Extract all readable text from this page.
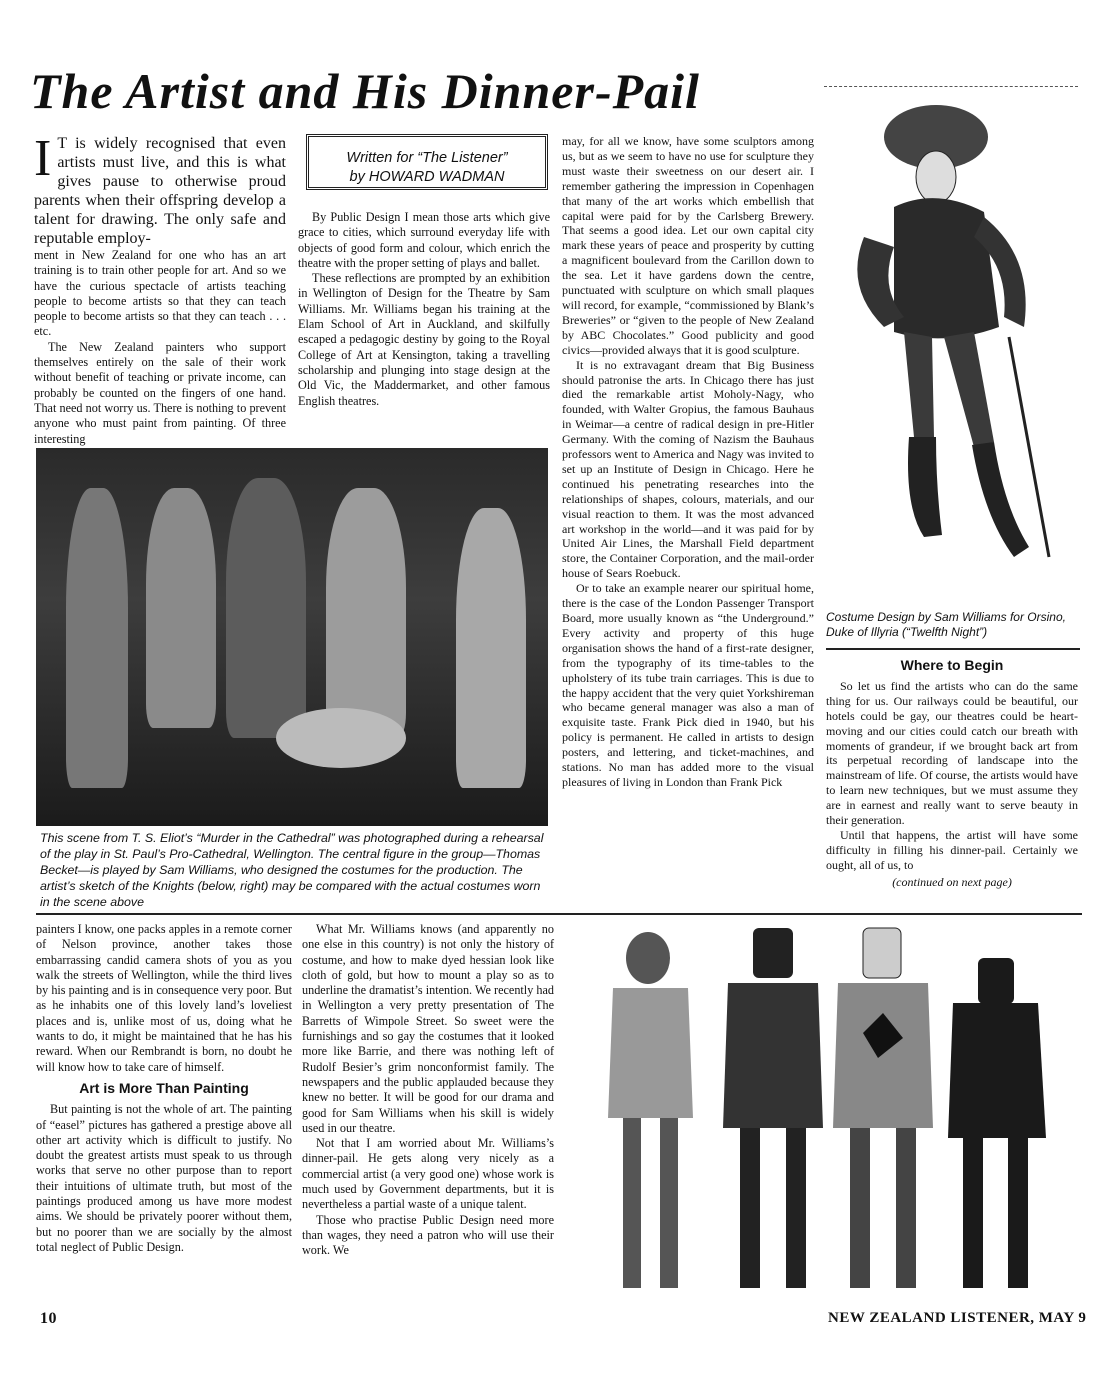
The Artist and His Dinner-Pail

I T is widely recognised that even artists must live, and this is what gives pause to otherwise proud parents when their offspring develop a talent for drawing. The only safe and reputable employ-

ment in New Zealand for one who has an art training is to train other people for art. And so we have the curious spectacle of artists teaching people to become artists so that they can teach people to become artists so that they can teach . . . etc.

The New Zealand painters who support themselves entirely on the sale of their work without benefit of teaching or private income, can probably be counted on the fingers of one hand. That need not worry us. There is nothing to prevent anyone who must paint from painting. Of three interesting

Written for “The Listener”
by HOWARD WADMAN

By Public Design I mean those arts which give grace to cities, which surround everyday life with objects of good form and colour, which enrich the theatre with the proper setting of plays and ballet.

These reflections are prompted by an exhibition in Wellington of Design for the Theatre by Sam Williams. Mr. Williams began his training at the Elam School of Art in Auckland, and skilfully escaped a pedagogic destiny by going to the Royal College of Art at Kensington, taking a travelling scholarship and plunging into stage design at the Old Vic, the Maddermarket, and other famous English theatres.

may, for all we know, have some sculptors among us, but as we seem to have no use for sculpture they must waste their sweetness on our desert air. I remember gathering the impression in Copenhagen that many of the art works which embellish that capital were paid for by the Carlsberg Brewery. That seems a good idea. Let our own capital city mark these years of peace and prosperity by cutting a magnificent boulevard from the Carillon down to the sea. Let it have gardens down the centre, punctuated with sculpture on which small plaques will record, for example, “commissioned by Blank’s Breweries” or “given to the people of New Zealand by ABC Chocolates.” Good publicity and good civics—provided always that it is good sculpture.

It is no extravagant dream that Big Business should patronise the arts. In Chicago there has just died the remarkable artist Moholy-Nagy, who founded, with Walter Gropius, the famous Bauhaus in Weimar—a centre of radical design in pre-Hitler Germany. With the coming of Nazism the Bauhaus professors went to America and Nagy was invited to set up an Institute of Design in Chicago. Here he continued his penetrating researches into the relationships of shapes, colours, materials, and our visual reaction to them. It was the most advanced art workshop in the world—and it was paid for by United Air Lines, the Marshall Field department store, the Container Corporation, and the mail-order house of Sears Roebuck.

Or to take an example nearer our spiritual home, there is the case of the London Passenger Transport Board, more usually known as “the Underground.” Every activity and property of this huge organisation shows the hand of a first-rate designer, from the typography of its time-tables to the upholstery of its tube train carriages. This is due to the happy accident that the very quiet Yorkshireman who became general manager was also a man of exquisite taste. Frank Pick died in 1940, but his policy is permanent. He called in artists to design posters, and lettering, and ticket-machines, and stations. No man has added more to the visual pleasures of living in London than Frank Pick

Costume Design by Sam Williams for Orsino, Duke of Illyria (“Twelfth Night”)

Where to Begin

So let us find the artists who can do the same thing for us. Our railways could be beautiful, our hotels could be gay, our theatres could be heart-moving and our cities could catch our breath with moments of grandeur, if we brought back art from its perpetual recording of landscape into the mainstream of life. Of course, the artists would have to learn new techniques, but we must assume they are in earnest and really want to serve beauty in their generation.

Until that happens, the artist will have some difficulty in filling his dinner-pail. Certainly we ought, all of us, to

(continued on next page)

This scene from T. S. Eliot’s “Murder in the Cathedral” was photographed during a rehearsal of the play in St. Paul’s Pro-Cathedral, Wellington. The central figure in the group—Thomas Becket—is played by Sam Williams, who designed the costumes for the production. The artist’s sketch of the Knights (below, right) may be compared with the actual costumes worn in the scene above

painters I know, one packs apples in a remote corner of Nelson province, another takes those embarrassing candid camera shots of you as you walk the streets of Wellington, while the third lives by his painting and is in consequence very poor. But as he inhabits one of this lovely land’s loveliest places and is, unlike most of us, doing what he wants to do, it might be maintained that he has his reward. When our Rembrandt is born, no doubt he will know how to take care of himself.

Art is More Than Painting

But painting is not the whole of art. The painting of “easel” pictures has gathered a prestige above all other art activity which is difficult to justify. No doubt the greatest artists must speak to us through works that serve no other purpose than to report their intuitions of ultimate truth, but most of the paintings produced among us have more modest aims. We should be privately poorer without them, but no poorer than we are socially by the almost total neglect of Public Design.

What Mr. Williams knows (and apparently no one else in this country) is not only the history of costume, and how to make dyed hessian look like cloth of gold, but how to mount a play so as to underline the dramatist’s intention. We recently had in Wellington a very pretty presentation of The Barretts of Wimpole Street. So sweet were the furnishings and so gay the costumes that it looked more like Barrie, and there was nothing left of Rudolf Besier’s grim nonconformist family. The newspapers and the public applauded because they knew no better. It will be good for our drama and good for Sam Williams when his skill is widely used in our theatre.

Not that I am worried about Mr. Williams’s dinner-pail. He gets along very nicely as a commercial artist (a very good one) whose work is much used by Government departments, but it is nevertheless a partial waste of a unique talent.

Those who practise Public Design need more than wages, they need a patron who will use their work. We

10	NEW ZEALAND LISTENER, MAY 9
